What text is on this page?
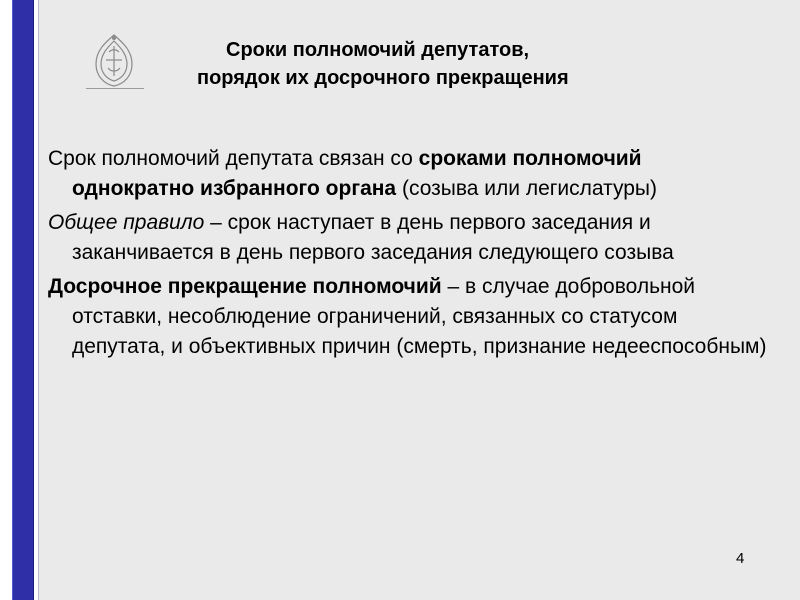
Сроки полномочий депутатов,
порядок их досрочного прекращения

Срок полномочий депутата связан со сроками полномочий однократно избранного органа (созыва или легислатуры)

Общее правило – срок наступает в день первого заседания и заканчивается в день первого заседания следующего созыва

Досрочное прекращение полномочий – в случае добровольной отставки, несоблюдение ограничений, связанных со статусом депутата, и объективных причин (смерть, признание недееспособным)

4
